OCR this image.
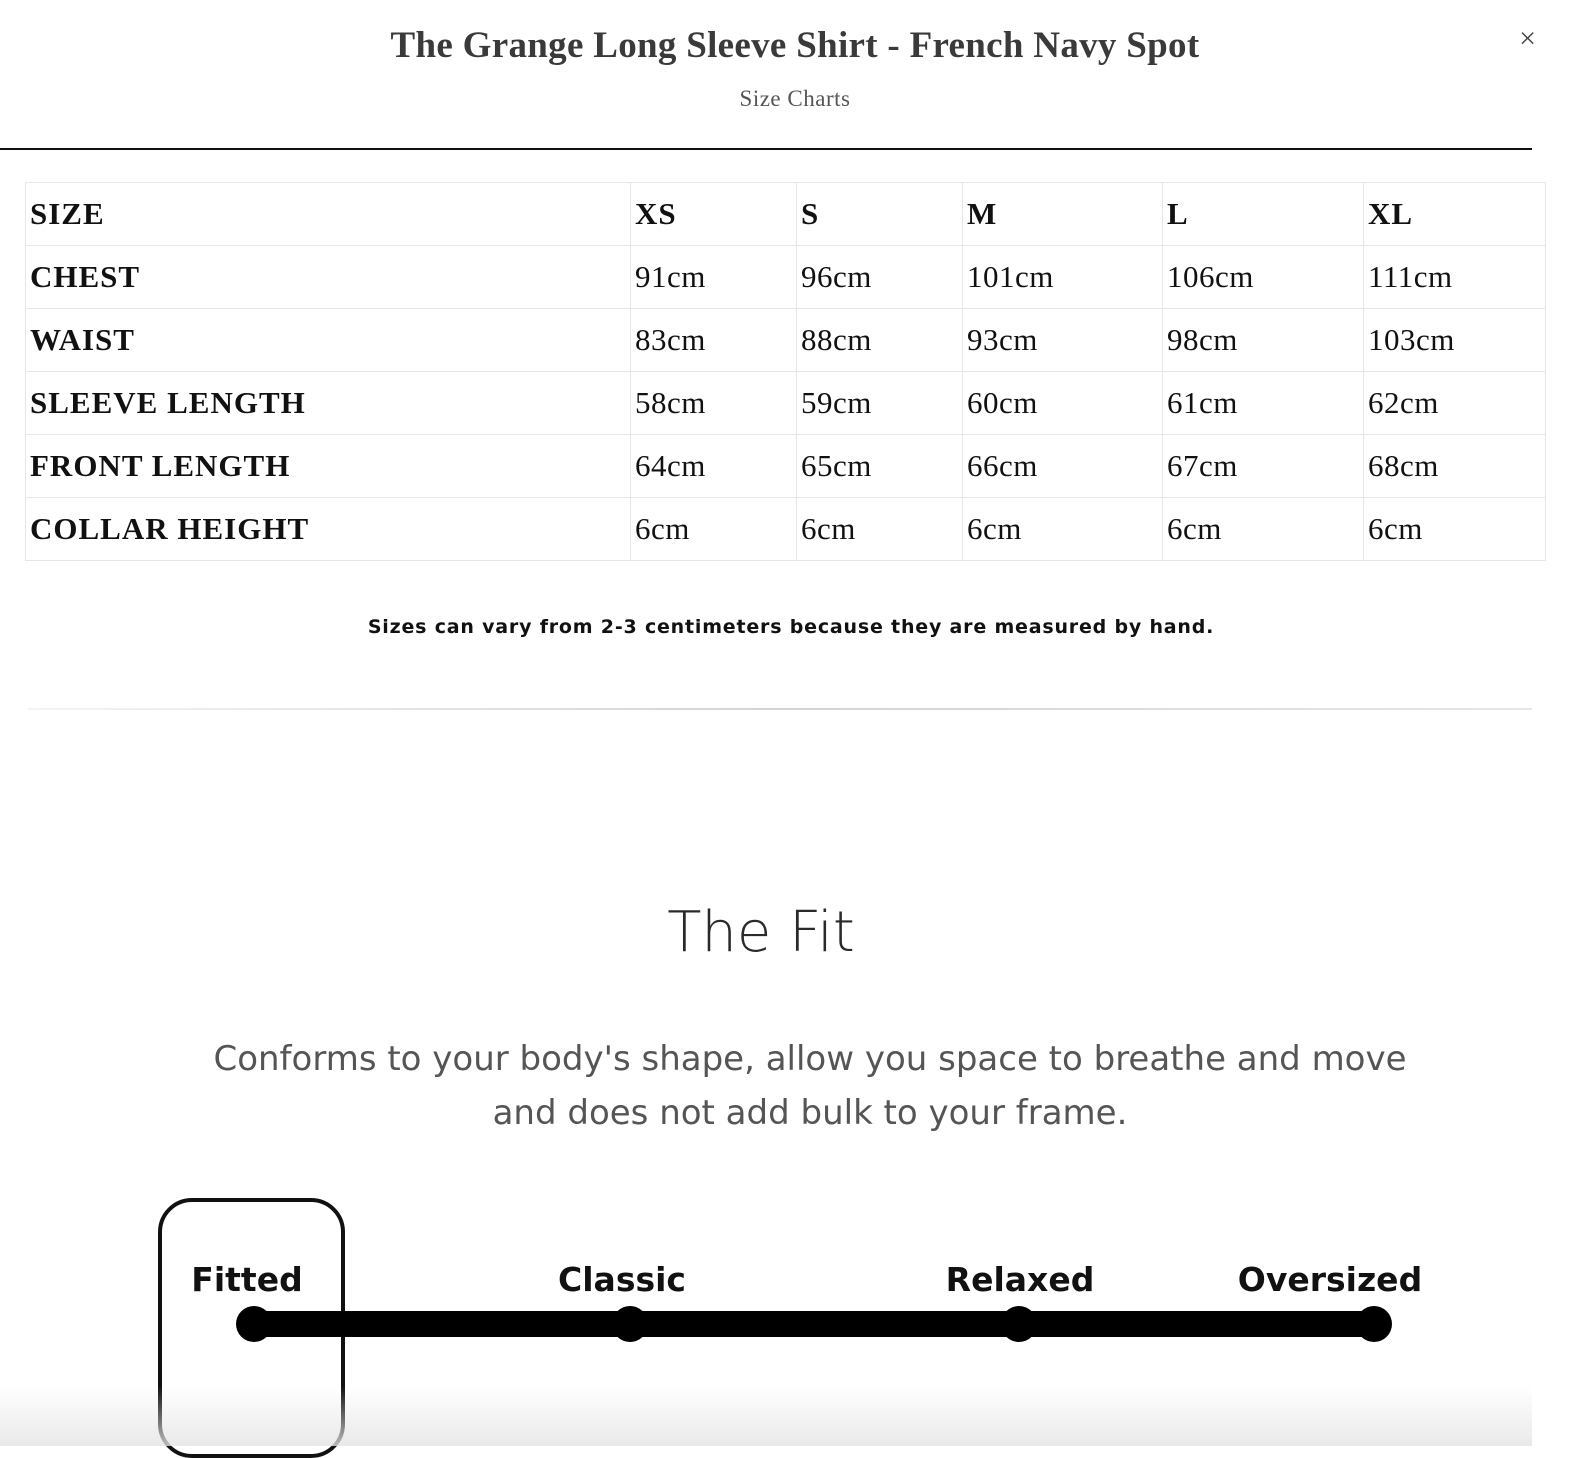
The Grange Long Sleeve Shirt - French Navy Spot
Size Charts
×
SIZE	XS	S	M	L	XL
CHEST	91cm	96cm	101cm	106cm	111cm
WAIST	83cm	88cm	93cm	98cm	103cm
SLEEVE LENGTH	58cm	59cm	60cm	61cm	62cm
FRONT LENGTH	64cm	65cm	66cm	67cm	68cm
COLLAR HEIGHT	6cm	6cm	6cm	6cm	6cm
Sizes can vary from 2-3 centimeters because they are measured by hand.
The Fit
Conforms to your body's shape, allow you space to breathe and move and does not add bulk to your frame.
Fitted	Classic	Relaxed	Oversized
